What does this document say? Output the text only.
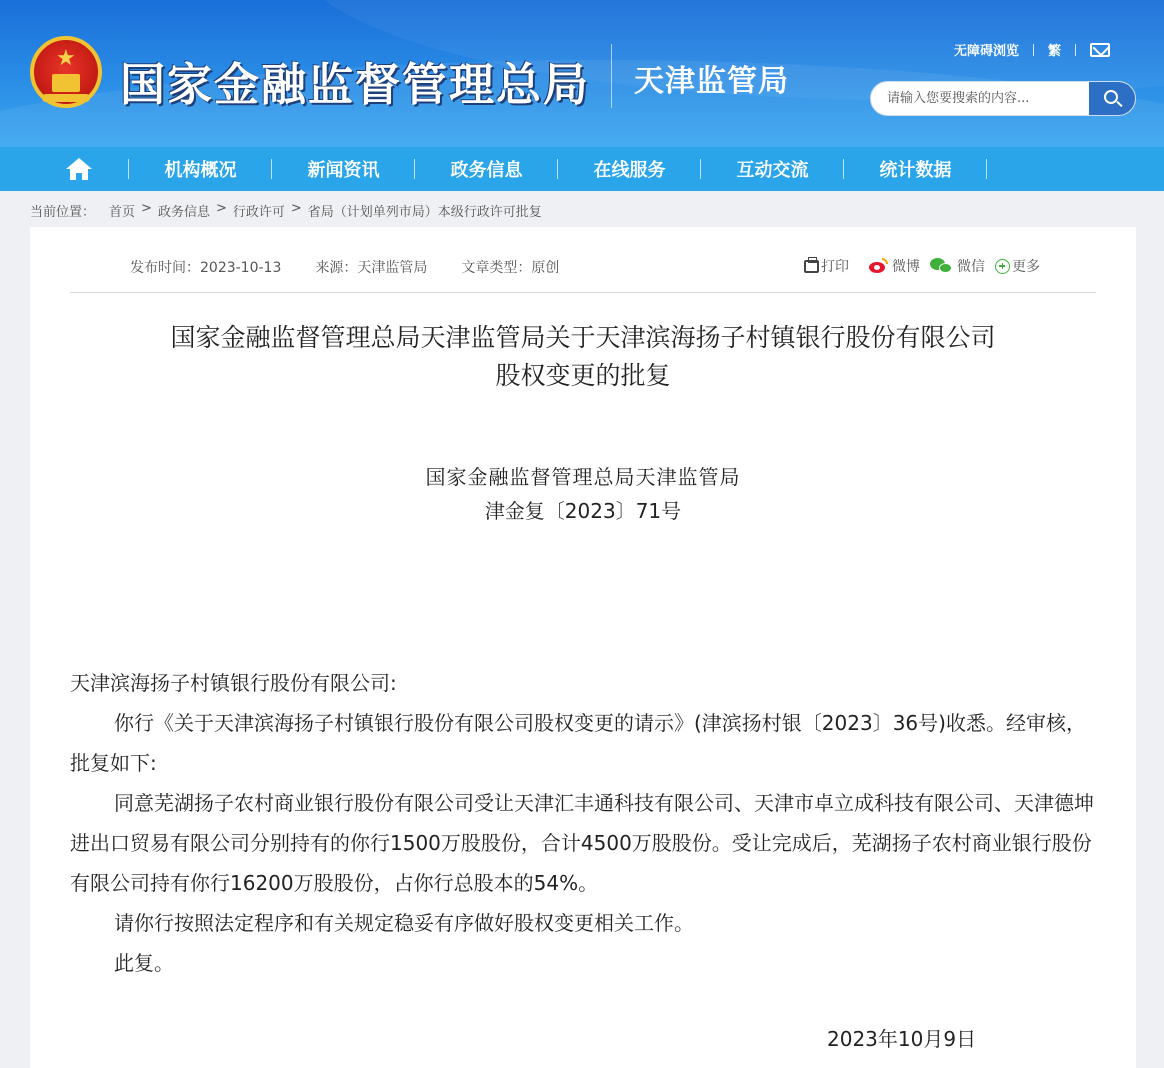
★ 国家金融监督管理总局 天津监管局
无障碍浏览 繁
请输入您要搜索的内容...
机构概况	新闻资讯	政务信息	在线服务	互动交流	统计数据
当前位置： 首页 > 政务信息 > 行政许可 > 省局（计划单列市局）本级行政许可批复
发布时间：2023-10-13 来源：天津监管局 文章类型：原创	打印	微博	微信 更多
国家金融监督管理总局天津监管局关于天津滨海扬子村镇银行股份有限公司
股权变更的批复
国家金融监督管理总局天津监管局
津金复〔2023〕71号

天津滨海扬子村镇银行股份有限公司:

你行《关于天津滨海扬子村镇银行股份有限公司股权变更的请示》(津滨扬村银〔2023〕36号)收悉。经审核，批复如下:

同意芜湖扬子农村商业银行股份有限公司受让天津汇丰通科技有限公司、天津市卓立成科技有限公司、天津德坤进出口贸易有限公司分别持有的你行1500万股股份，合计4500万股股份。受让完成后，芜湖扬子农村商业银行股份有限公司持有你行16200万股股份，占你行总股本的54%。

请你行按照法定程序和有关规定稳妥有序做好股权变更相关工作。

此复。

2023年10月9日
